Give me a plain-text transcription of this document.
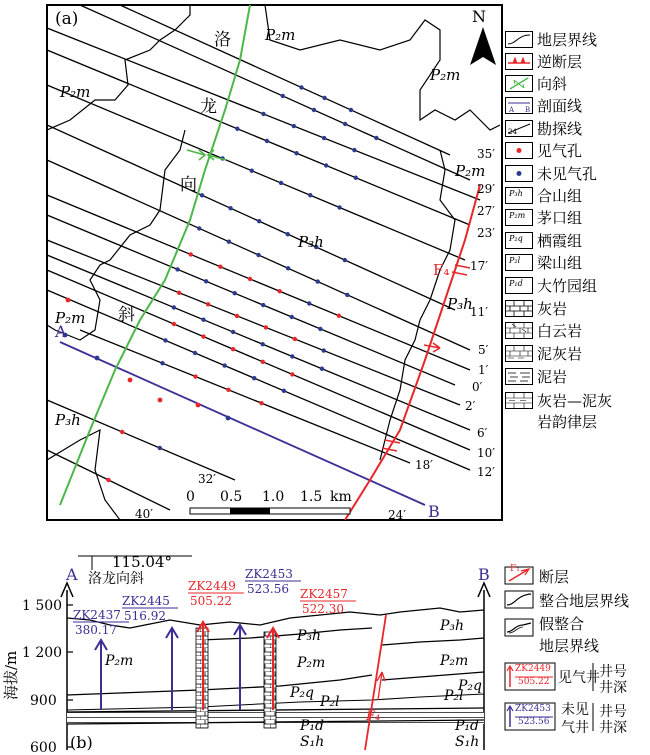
N
(a)
洛
龙
向
斜
P₂m
P₂m
P₂m
P₂m
P₃h
P₃h
P₃h
P₂m
F₄
A
B
35′
29′
27′
23′
17′
11′
5′
1′
0′
2′
6′
10′
12′
18′
24′
32′
40′
0 0.5 1.0 1.5 km
1 500
1 200
900
600
海拔/m
A	B
115.04°
洛龙向斜
ZK2437
380.17
ZK2445
516.92
ZK2449
505.22
ZK2453
523.56 ZK2457
522.30
P₃h
P₃h
P₂m	P₂m
P₂m
P₂q
P₂l
P₂q
P₂l
P₁d
S₁h
P₁d
S₁h
F₄
(b)
地层界线
逆断层
向斜
A B 剖面线
24′ 勘探线
见气孔
未见气孔
P₃h 合山组
P₂m 茅口组
P₂q 栖霞组
P₂l 梁山组
P₁d 大竹园组
灰岩
白云岩
泥灰岩
泥岩
灰岩—泥灰
岩韵律层
F₁ 断层
整合地层界线
假整合
地层界线
ZK2449
505.22 见气井 井号
井深
ZK2453
523.56
未见
气井
井号
井深
